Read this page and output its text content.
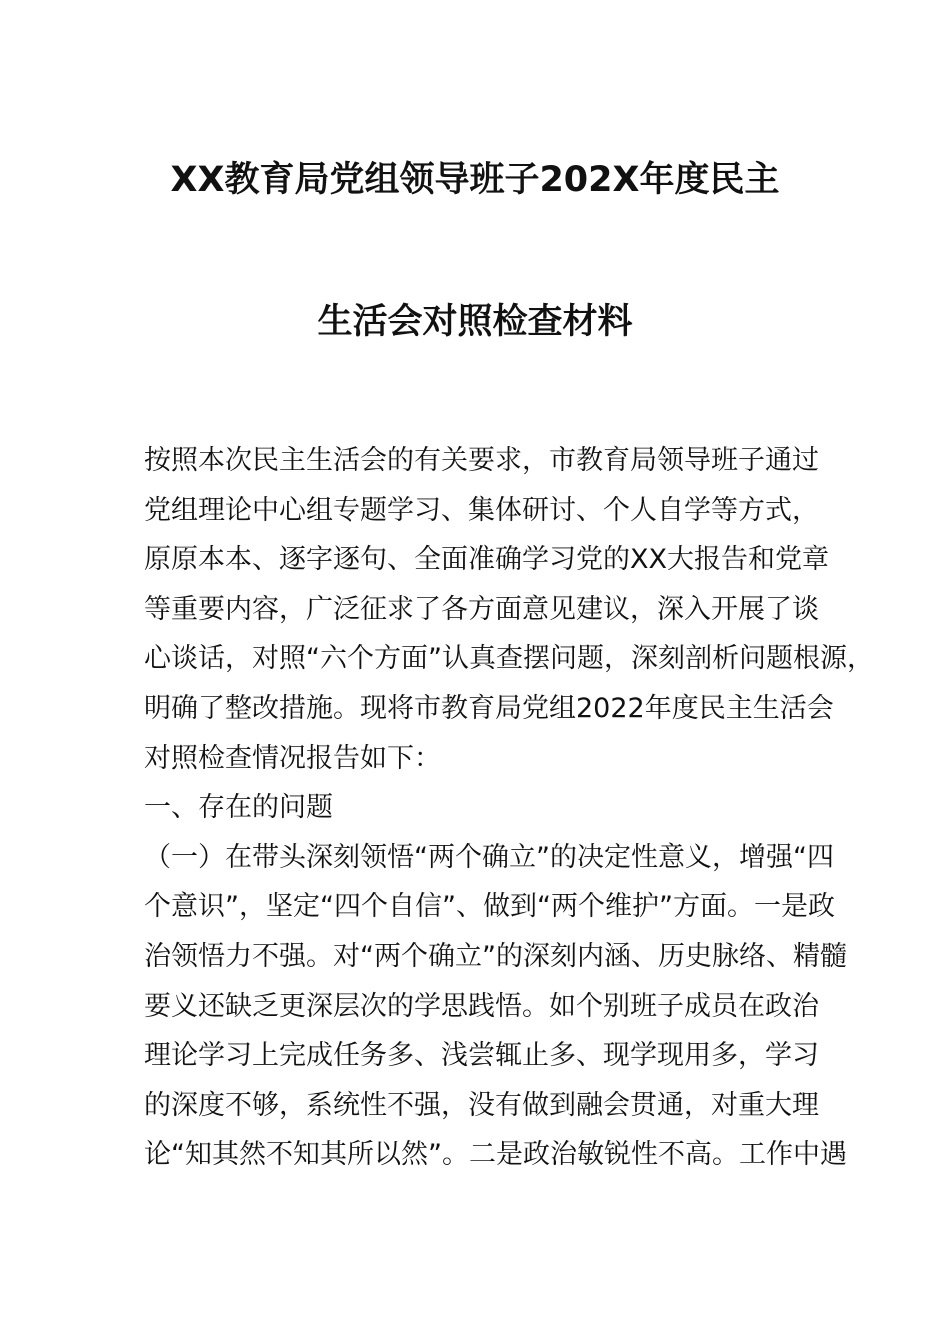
XX教育局党组领导班子202X年度民主
生活会对照检查材料
按照本次民主生活会的有关要求，市教育局领导班子通过
党组理论中心组专题学习、集体研讨、个人自学等方式，
原原本本、逐字逐句、全面准确学习党的XX大报告和党章
等重要内容，广泛征求了各方面意见建议，深入开展了谈
心谈话，对照“六个方面”认真查摆问题，深刻剖析问题根源，
明确了整改措施。现将市教育局党组2022年度民主生活会
对照检查情况报告如下：
一、存在的问题
（一）在带头深刻领悟“两个确立”的决定性意义，增强“四
个意识”，坚定“四个自信”、做到“两个维护”方面。一是政
治领悟力不强。对“两个确立”的深刻内涵、历史脉络、精髓
要义还缺乏更深层次的学思践悟。如个别班子成员在政治
理论学习上完成任务多、浅尝辄止多、现学现用多，学习
的深度不够，系统性不强，没有做到融会贯通，对重大理
论“知其然不知其所以然”。二是政治敏锐性不高。工作中遇
